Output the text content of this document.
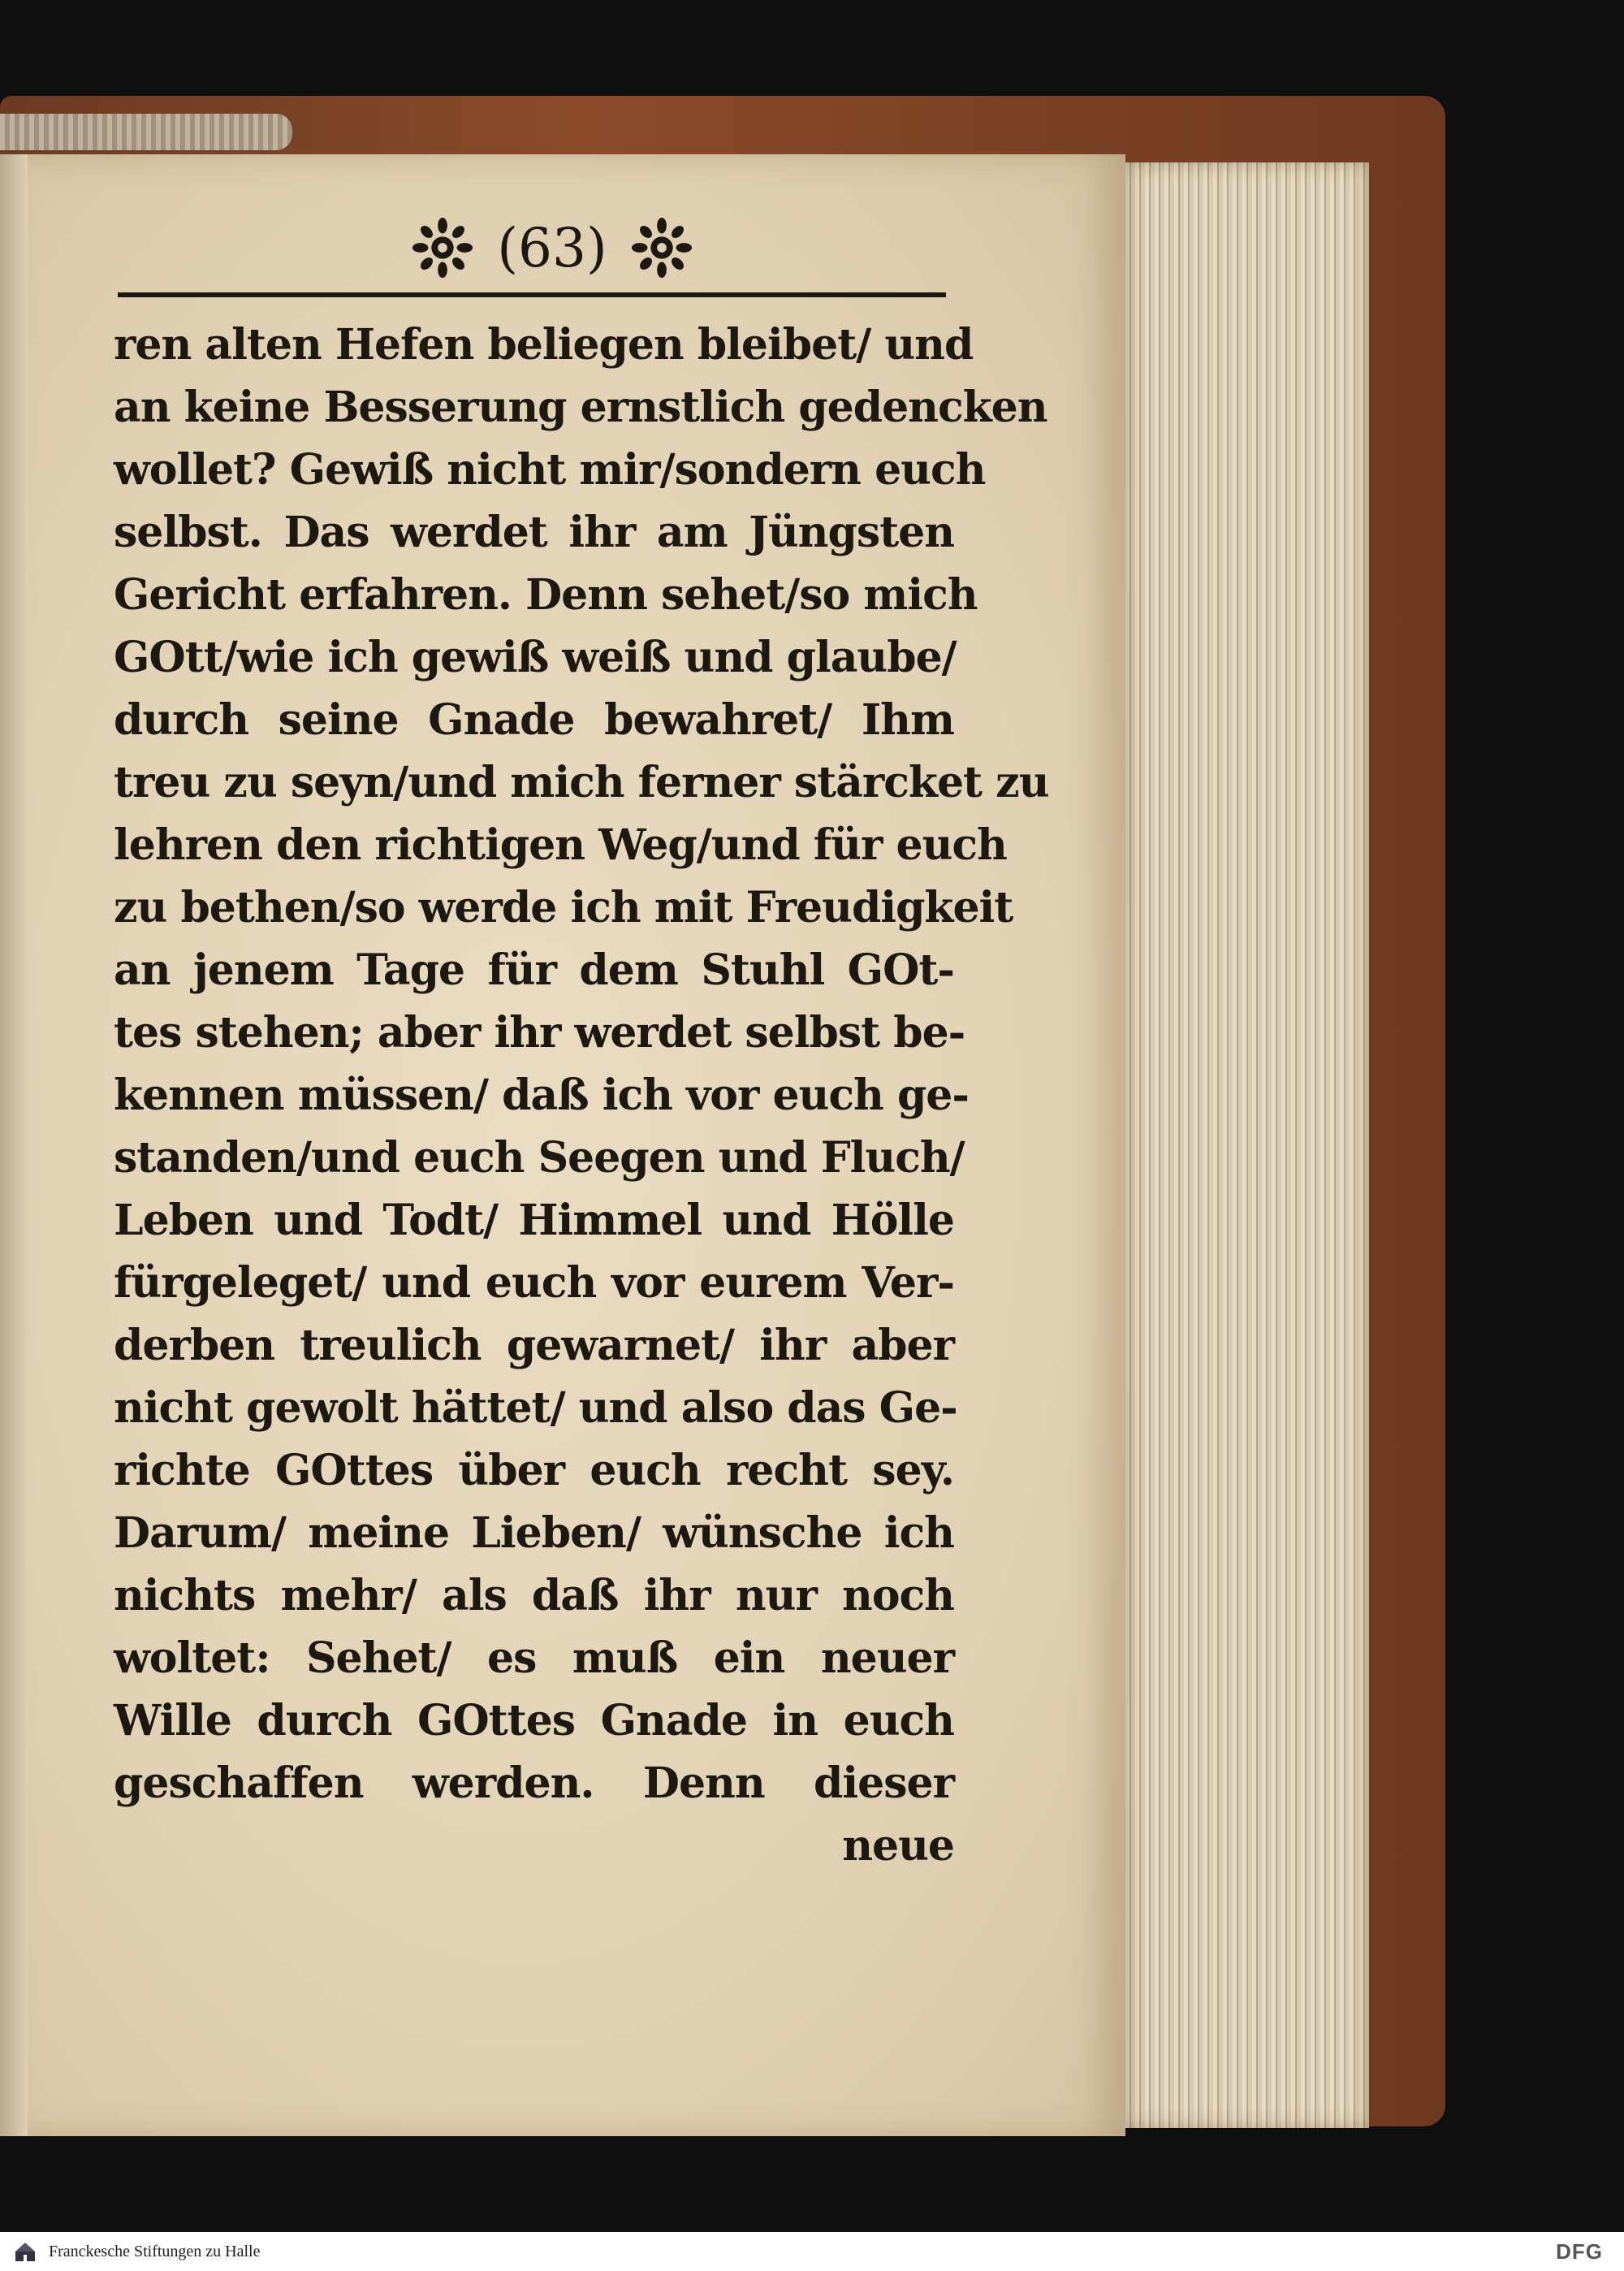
(63)
ren alten Hefen beliegen bleibet/ und
an keine Besserung ernstlich gedencken
wollet? Gewiß nicht mir/sondern euch
selbst. Das werdet ihr am Jüngsten
Gericht erfahren. Denn sehet/so mich
GOtt/wie ich gewiß weiß und glaube/
durch seine Gnade bewahret/ Ihm
treu zu seyn/und mich ferner stärcket zu
lehren den richtigen Weg/und für euch
zu bethen/so werde ich mit Freudigkeit
an jenem Tage für dem Stuhl GOt-
tes stehen; aber ihr werdet selbst be-
kennen müssen/ daß ich vor euch ge-
standen/und euch Seegen und Fluch/
Leben und Todt/ Himmel und Hölle
fürgeleget/ und euch vor eurem Ver-
derben treulich gewarnet/ ihr aber
nicht gewolt hättet/ und also das Ge-
richte GOttes über euch recht sey.
Darum/ meine Lieben/ wünsche ich
nichts mehr/ als daß ihr nur noch
woltet: Sehet/ es muß ein neuer
Wille durch GOttes Gnade in euch
geschaffen werden. Denn dieser
neue
Franckesche Stiftungen zu Halle	DFG
